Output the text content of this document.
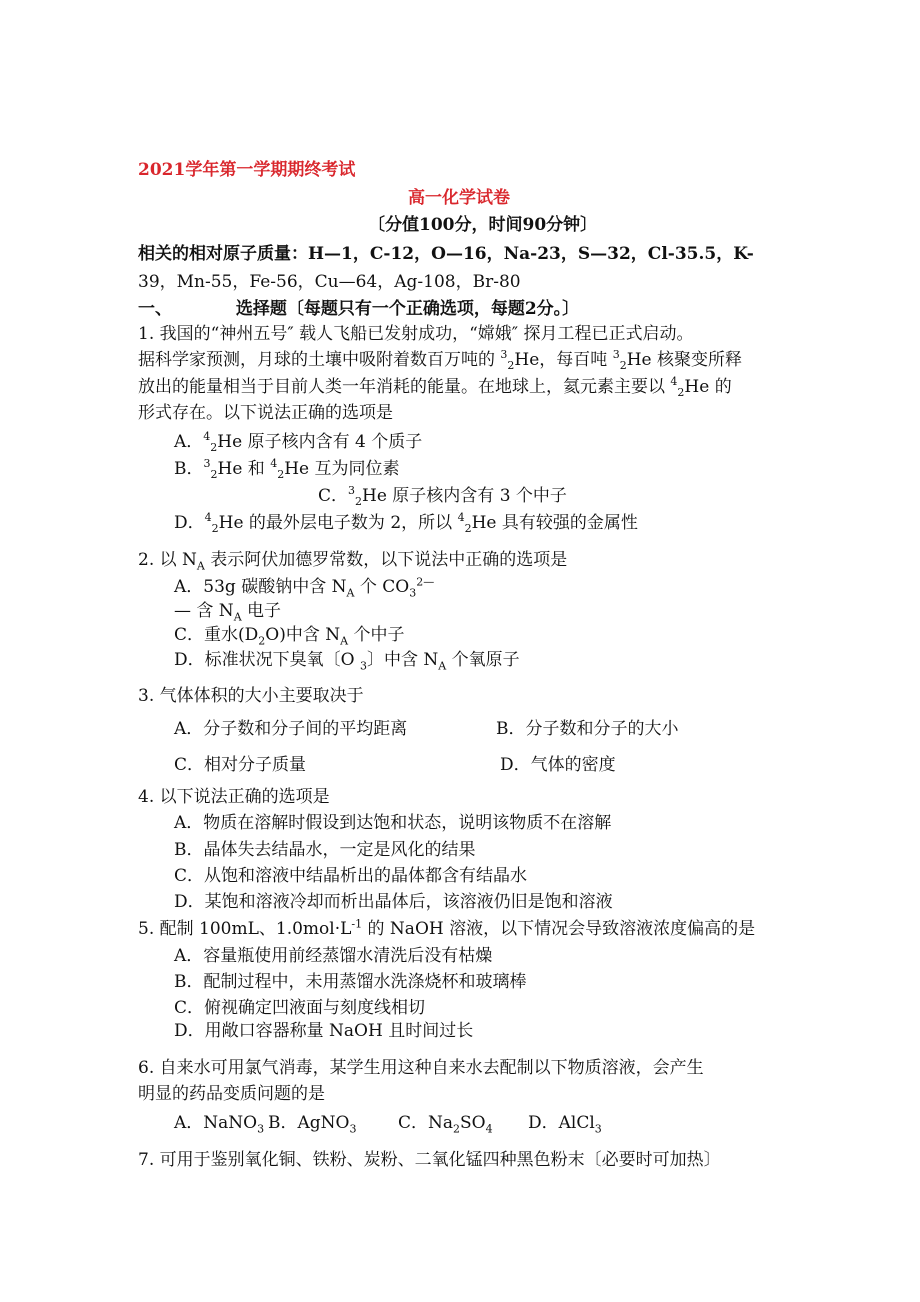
2021学年第一学期期终考试
高一化学试卷
〔分值100分，时间90分钟〕
相关的相对原子质量：H—1，C-12，O—16，Na-23，S—32，Cl-35.5，K-
39，Mn-55，Fe-56，Cu—64，Ag-108，Br-80
一、	选择题〔每题只有一个正确选项，每题2分。〕
1. 我国的“神州五号″ 载人飞船已发射成功，“嫦娥″ 探月工程已正式启动。
据科学家预测，月球的土壤中吸附着数百万吨的 $^3_2$He，每百吨 $^3_2$He 核聚变所释
放出的能量相当于目前人类一年消耗的能量。在地球上，氦元素主要以 $^4_2$He 的
形式存在。以下说法正确的选项是
A．$^4_2$He 原子核内含有 4 个质子
B．$^3_2$He 和 $^4_2$He 互为同位素
C．$^3_2$He 原子核内含有 3 个中子
D．$^4_2$He 的最外层电子数为 2，所以 $^4_2$He 具有较强的金属性
2. 以 $N_A$ 表示阿伏加德罗常数，以下说法中正确的选项是
A．53g 碳酸钠中含 $N_A$ 个 $CO_3^{2—}$
— 含 $N_A$ 电子
C．重水$(D_2O)$中含 $N_A$ 个中子
D．标准状况下臭氧〔O $_3$〕中含 $N_A$ 个氧原子
3. 气体体积的大小主要取决于
A．分子数和分子间的平均距离	B．分子数和分子的大小
C．相对分子质量	D．气体的密度
4. 以下说法正确的选项是
A．物质在溶解时假设到达饱和状态，说明该物质不在溶解
B．晶体失去结晶水，一定是风化的结果
C．从饱和溶液中结晶析出的晶体都含有结晶水
D．某饱和溶液冷却而析出晶体后，该溶液仍旧是饱和溶液
5. 配制 100mL、$1.0mol\cdot L^{-1}$ 的 NaOH 溶液，以下情况会导致溶液浓度偏高的是
A．容量瓶使用前经蒸馏水清洗后没有枯燥
B．配制过程中，未用蒸馏水洗涤烧杯和玻璃棒
C．俯视确定凹液面与刻度线相切
D．用敞口容器称量 NaOH 且时间过长
6. 自来水可用氯气消毒，某学生用这种自来水去配制以下物质溶液，会产生
明显的药品变质问题的是
A．NaNO$_3$ B．AgNO$_3$ C．$Na_2SO_4$ D．AlCl$_3$
7. 可用于鉴别氧化铜、铁粉、炭粉、二氧化锰四种黑色粉末〔必要时可加热〕
